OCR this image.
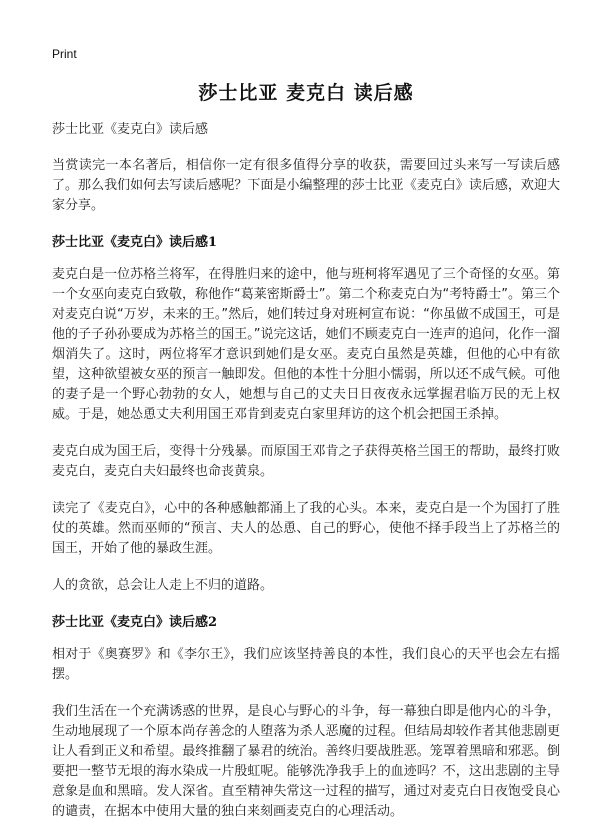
Print
莎士比亚 麦克白 读后感

莎士比亚《麦克白》读后感

当赏读完一本名著后，相信你一定有很多值得分享的收获，需要回过头来写一写读后感了。那么我们如何去写读后感呢？下面是小编整理的莎士比亚《麦克白》读后感，欢迎大家分享。

莎士比亚《麦克白》读后感1

麦克白是一位苏格兰将军，在得胜归来的途中，他与班柯将军遇见了三个奇怪的女巫。第一个女巫向麦克白致敬，称他作“葛莱密斯爵士”。第二个称麦克白为“考特爵士”。第三个对麦克白说“万岁，未来的王。”然后，她们转过身对班柯宣布说：“你虽做不成国王，可是他的子子孙孙要成为苏格兰的国王。”说完这话，她们不顾麦克白一连声的追问，化作一溜烟消失了。这时，两位将军才意识到她们是女巫。麦克白虽然是英雄，但他的心中有欲望，这种欲望被女巫的预言一触即发。但他的本性十分胆小懦弱，所以还不成气候。可他的妻子是一个野心勃勃的女人，她想与自己的丈夫日日夜夜永远掌握君临万民的无上权威。于是，她怂恿丈夫利用国王邓肯到麦克白家里拜访的这个机会把国王杀掉。

麦克白成为国王后，变得十分残暴。而原国王邓肯之子获得英格兰国王的帮助，最终打败麦克白，麦克白夫妇最终也命丧黄泉。

读完了《麦克白》，心中的各种感触都涌上了我的心头。本来，麦克白是一个为国打了胜仗的英雄。然而巫师的“预言、夫人的怂恿、自己的野心，使他不择手段当上了苏格兰的国王，开始了他的暴政生涯。

人的贪欲，总会让人走上不归的道路。

莎士比亚《麦克白》读后感2

相对于《奥赛罗》和《李尔王》，我们应该坚持善良的本性，我们良心的天平也会左右摇摆。

我们生活在一个充满诱惑的世界，是良心与野心的斗争，每一幕独白即是他内心的斗争，生动地展现了一个原本尚存善念的人堕落为杀人恶魔的过程。但结局却较作者其他悲剧更让人看到正义和希望。最终推翻了暴君的统治。善终归要战胜恶。笼罩着黑暗和邪恶。倒要把一整节无垠的海水染成一片殷虹呢。能够洗净我手上的血迹吗？不，这出悲剧的主导意象是血和黑暗。发人深省。直至精神失常这一过程的描写，通过对麦克白日夜饱受良心的谴责，在据本中使用大量的独白来刻画麦克白的心理活动。
